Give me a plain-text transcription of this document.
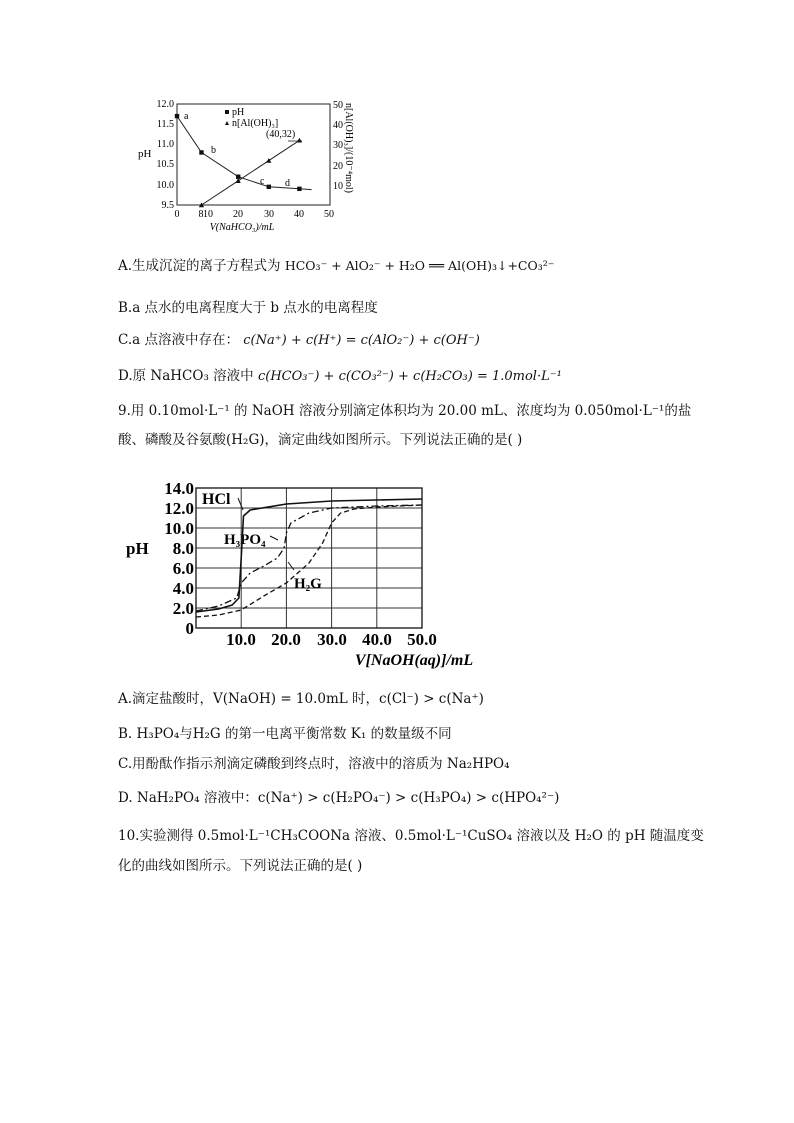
pH
12.0
11.5
11.0
10.5
10.0
9.5
50
40
30
20
10 n[Al(OH)₃]/(10⁻⁴mol)
0 8 10 20 30 40 50
V(NaHCO₃)/mL
pH
n[Al(OH)₃]
(40,32)
a
b
c d
A.生成沉淀的离子方程式为 HCO₃⁻ + AlO₂⁻ + H₂O ══ Al(OH)₃↓+CO₃²⁻
B.a 点水的电离程度大于 b 点水的电离程度
C.a 点溶液中存在： c(Na⁺) + c(H⁺) = c(AlO₂⁻) + c(OH⁻)
D.原 NaHCO₃ 溶液中 c(HCO₃⁻) + c(CO₃²⁻) + c(H₂CO₃) = 1.0mol·L⁻¹
9.用 0.10mol·L⁻¹ 的 NaOH 溶液分别滴定体积均为 20.00 mL、浓度均为 0.050mol·L⁻¹的盐
酸、磷酸及谷氨酸(H₂G)，滴定曲线如图所示。下列说法正确的是( )
pH
14.0
12.0
10.0
8.0
6.0
4.0
2.0
0
10.0 20.0 30.0 40.0 50.0
V[NaOH(aq)]/mL
HCl
H₃PO₄
H₂G
A.滴定盐酸时，V(NaOH) = 10.0mL 时，c(Cl⁻) > c(Na⁺)
B. H₃PO₄与H₂G 的第一电离平衡常数 K₁ 的数量级不同
C.用酚酞作指示剂滴定磷酸到终点时，溶液中的溶质为 Na₂HPO₄
D. NaH₂PO₄ 溶液中：c(Na⁺) > c(H₂PO₄⁻) > c(H₃PO₄) > c(HPO₄²⁻)
10.实验测得 0.5mol·L⁻¹CH₃COONa 溶液、0.5mol·L⁻¹CuSO₄ 溶液以及 H₂O 的 pH 随温度变
化的曲线如图所示。下列说法正确的是( )
